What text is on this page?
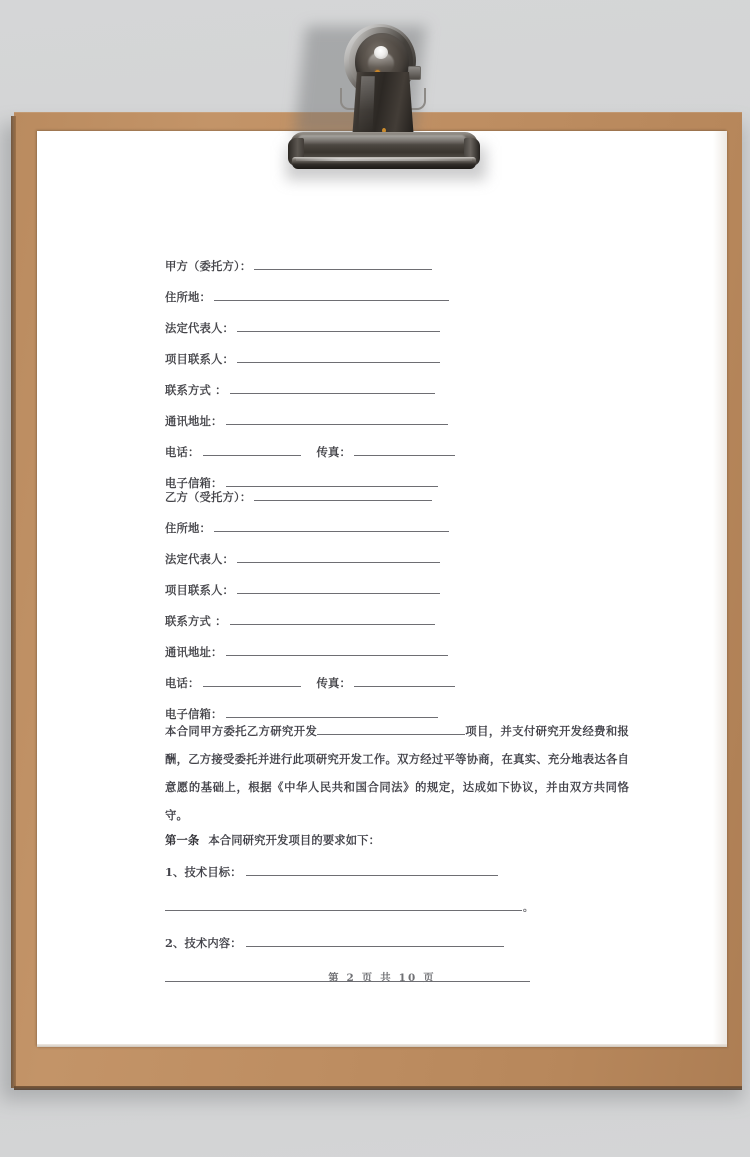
甲方（委托方）：
住所地：
法定代表人：
项目联系人：
联系方式 ：
通讯地址：
电话：	传真：
电子信箱：
乙方（受托方）：
住所地：
法定代表人：
项目联系人：
联系方式 ：
通讯地址：
电话：	传真：
电子信箱：
本合同甲方委托乙方研究开发	项目，并支付研究开发经费和报酬，乙方接受委托并进行此项研究开发工作。双方经过平等协商，在真实、充分地表达各自意愿的基础上，根据《中华人民共和国合同法》的规定，达成如下协议，并由双方共同恪守。
第一条 本合同研究开发项目的要求如下：
1、技术目标：
。
2、技术内容：
第 2 页 共 10 页
